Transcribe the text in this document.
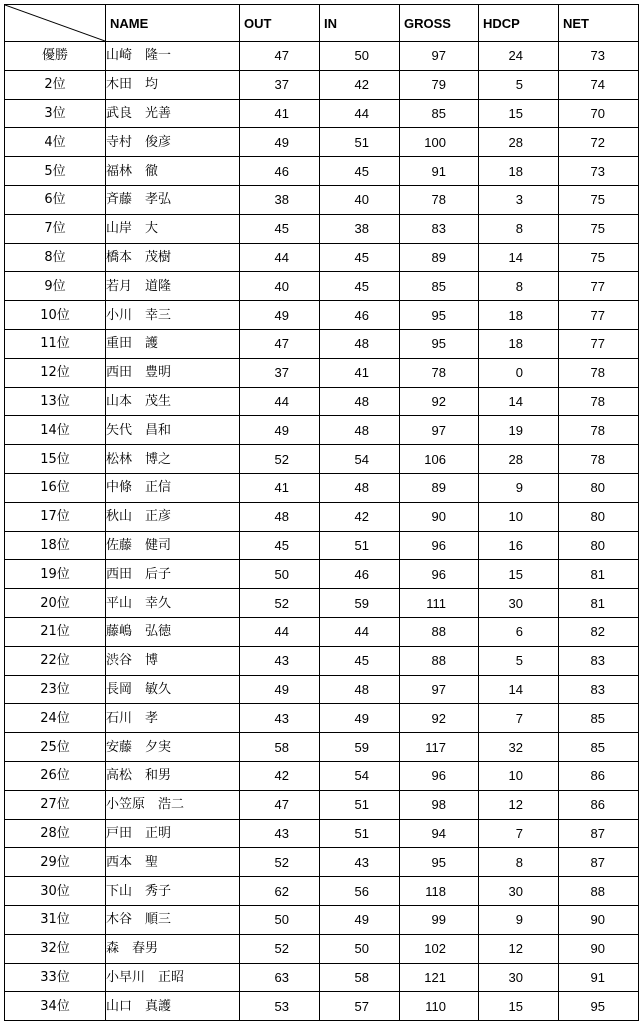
	NAME	OUT	IN	GROSS	HDCP	NET
優勝	山崎　隆一	47	50	97	24	73
2位	木田　均	37	42	79	5	74
3位	武良　光善	41	44	85	15	70
4位	寺村　俊彦	49	51	100	28	72
5位	福林　徹	46	45	91	18	73
6位	斉藤　孝弘	38	40	78	3	75
7位	山岸　大	45	38	83	8	75
8位	橋本　茂樹	44	45	89	14	75
9位	若月　道隆	40	45	85	8	77
10位	小川　幸三	49	46	95	18	77
11位	重田　護	47	48	95	18	77
12位	西田　豊明	37	41	78	0	78
13位	山本　茂生	44	48	92	14	78
14位	矢代　昌和	49	48	97	19	78
15位	松林　博之	52	54	106	28	78
16位	中條　正信	41	48	89	9	80
17位	秋山　正彦	48	42	90	10	80
18位	佐藤　健司	45	51	96	16	80
19位	西田　后子	50	46	96	15	81
20位	平山　幸久	52	59	111	30	81
21位	藤嶋　弘徳	44	44	88	6	82
22位	渋谷　博	43	45	88	5	83
23位	長岡　敏久	49	48	97	14	83
24位	石川　孝	43	49	92	7	85
25位	安藤　夕実	58	59	117	32	85
26位	高松　和男	42	54	96	10	86
27位	小笠原　浩二	47	51	98	12	86
28位	戸田　正明	43	51	94	7	87
29位	西本　聖	52	43	95	8	87
30位	下山　秀子	62	56	118	30	88
31位	木谷　順三	50	49	99	9	90
32位	森　春男	52	50	102	12	90
33位	小早川　正昭	63	58	121	30	91
34位	山口　真護	53	57	110	15	95
